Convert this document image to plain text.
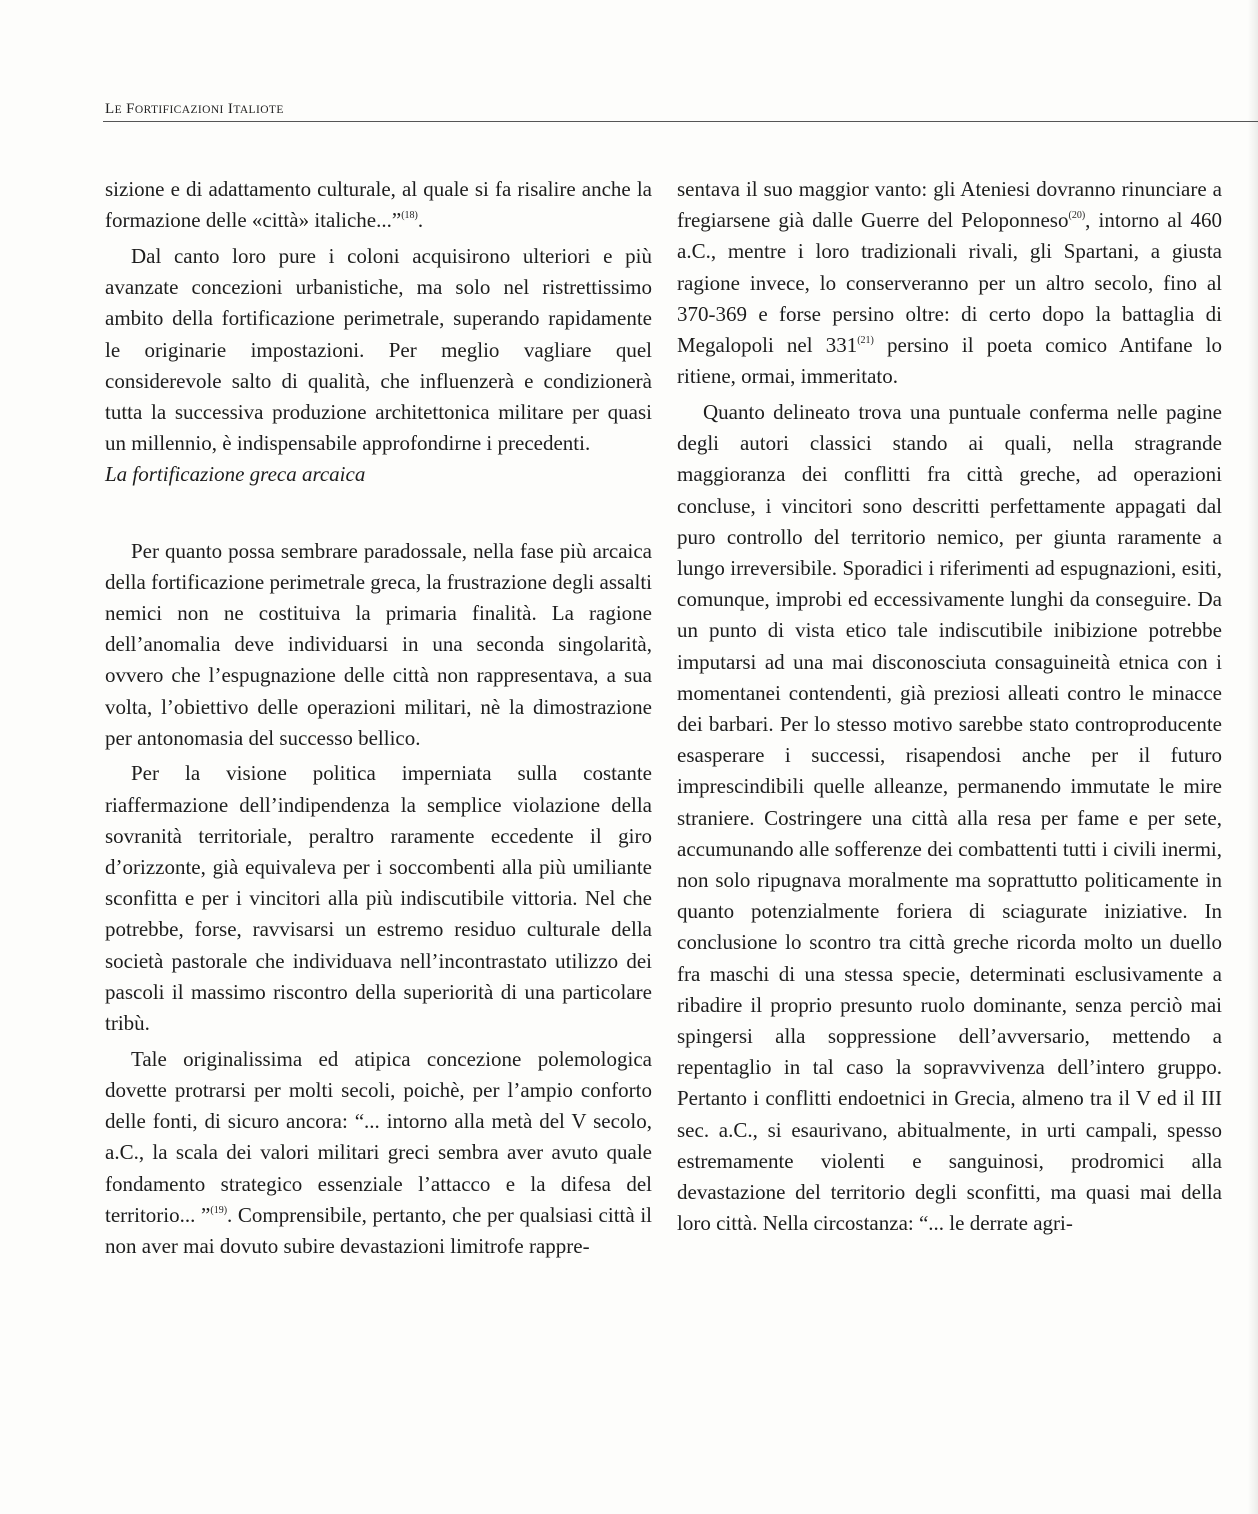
LE FORTIFICAZIONI ITALIOTE

sizione e di adattamento culturale, al quale si fa risalire anche la formazione delle «città» italiche...”$^{(18)}$.

Dal canto loro pure i coloni acquisirono ulteriori e più avanzate concezioni urbanistiche, ma solo nel ristrettissimo ambito della fortificazione perimetrale, superando rapidamente le originarie impostazioni. Per meglio vagliare quel considerevole salto di qualità, che influenzerà e condizionerà tutta la successiva produzione architettonica militare per quasi un millennio, è indispensabile approfondirne i precedenti.

La fortificazione greca arcaica

Per quanto possa sembrare paradossale, nella fase più arcaica della fortificazione perimetrale greca, la frustrazione degli assalti nemici non ne costituiva la primaria finalità. La ragione dell’anomalia deve individuarsi in una seconda singolarità, ovvero che l’espugnazione delle città non rappresentava, a sua volta, l’obiettivo delle operazioni militari, nè la dimostrazione per antonomasia del successo bellico.

Per la visione politica imperniata sulla costante riaffermazione dell’indipendenza la semplice violazione della sovranità territoriale, peraltro raramente eccedente il giro d’orizzonte, già equivaleva per i soccombenti alla più umiliante sconfitta e per i vincitori alla più indiscutibile vittoria. Nel che potrebbe, forse, ravvisarsi un estremo residuo culturale della società pastorale che individuava nell’incontrastato utilizzo dei pascoli il massimo riscontro della superiorità di una particolare tribù.

Tale originalissima ed atipica concezione polemologica dovette protrarsi per molti secoli, poichè, per l’ampio conforto delle fonti, di sicuro ancora: “... intorno alla metà del V secolo, a.C., la scala dei valori militari greci sembra aver avuto quale fondamento strategico essenziale l’attacco e la difesa del territorio... ”$^{(19)}$. Comprensibile, pertanto, che per qualsiasi città il non aver mai dovuto subire devastazioni limitrofe rappre-

sentava il suo maggior vanto: gli Ateniesi dovranno rinunciare a fregiarsene già dalle Guerre del Peloponneso$^{(20)}$, intorno al 460 a.C., mentre i loro tradizionali rivali, gli Spartani, a giusta ragione invece, lo conserveranno per un altro secolo, fino al 370-369 e forse persino oltre: di certo dopo la battaglia di Megalopoli nel 331$^{(21)}$ persino il poeta comico Antifane lo ritiene, ormai, immeritato.

Quanto delineato trova una puntuale conferma nelle pagine degli autori classici stando ai quali, nella stragrande maggioranza dei conflitti fra città greche, ad operazioni concluse, i vincitori sono descritti perfettamente appagati dal puro controllo del territorio nemico, per giunta raramente a lungo irreversibile. Sporadici i riferimenti ad espugnazioni, esiti, comunque, improbi ed eccessivamente lunghi da conseguire. Da un punto di vista etico tale indiscutibile inibizione potrebbe imputarsi ad una mai disconosciuta consaguineità etnica con i momentanei contendenti, già preziosi alleati contro le minacce dei barbari. Per lo stesso motivo sarebbe stato controproducente esasperare i successi, risapendosi anche per il futuro imprescindibili quelle alleanze, permanendo immutate le mire straniere. Costringere una città alla resa per fame e per sete, accumunando alle sofferenze dei combattenti tutti i civili inermi, non solo ripugnava moralmente ma soprattutto politicamente in quanto potenzialmente foriera di sciagurate iniziative. In conclusione lo scontro tra città greche ricorda molto un duello fra maschi di una stessa specie, determinati esclusivamente a ribadire il proprio presunto ruolo dominante, senza perciò mai spingersi alla soppressione dell’avversario, mettendo a repentaglio in tal caso la sopravvivenza dell’intero gruppo. Pertanto i conflitti endoetnici in Grecia, almeno tra il V ed il III sec. a.C., si esaurivano, abitualmente, in urti campali, spesso estremamente violenti e sanguinosi, prodromici alla devastazione del territorio degli sconfitti, ma quasi mai della loro città. Nella circostanza: “... le derrate agri-
